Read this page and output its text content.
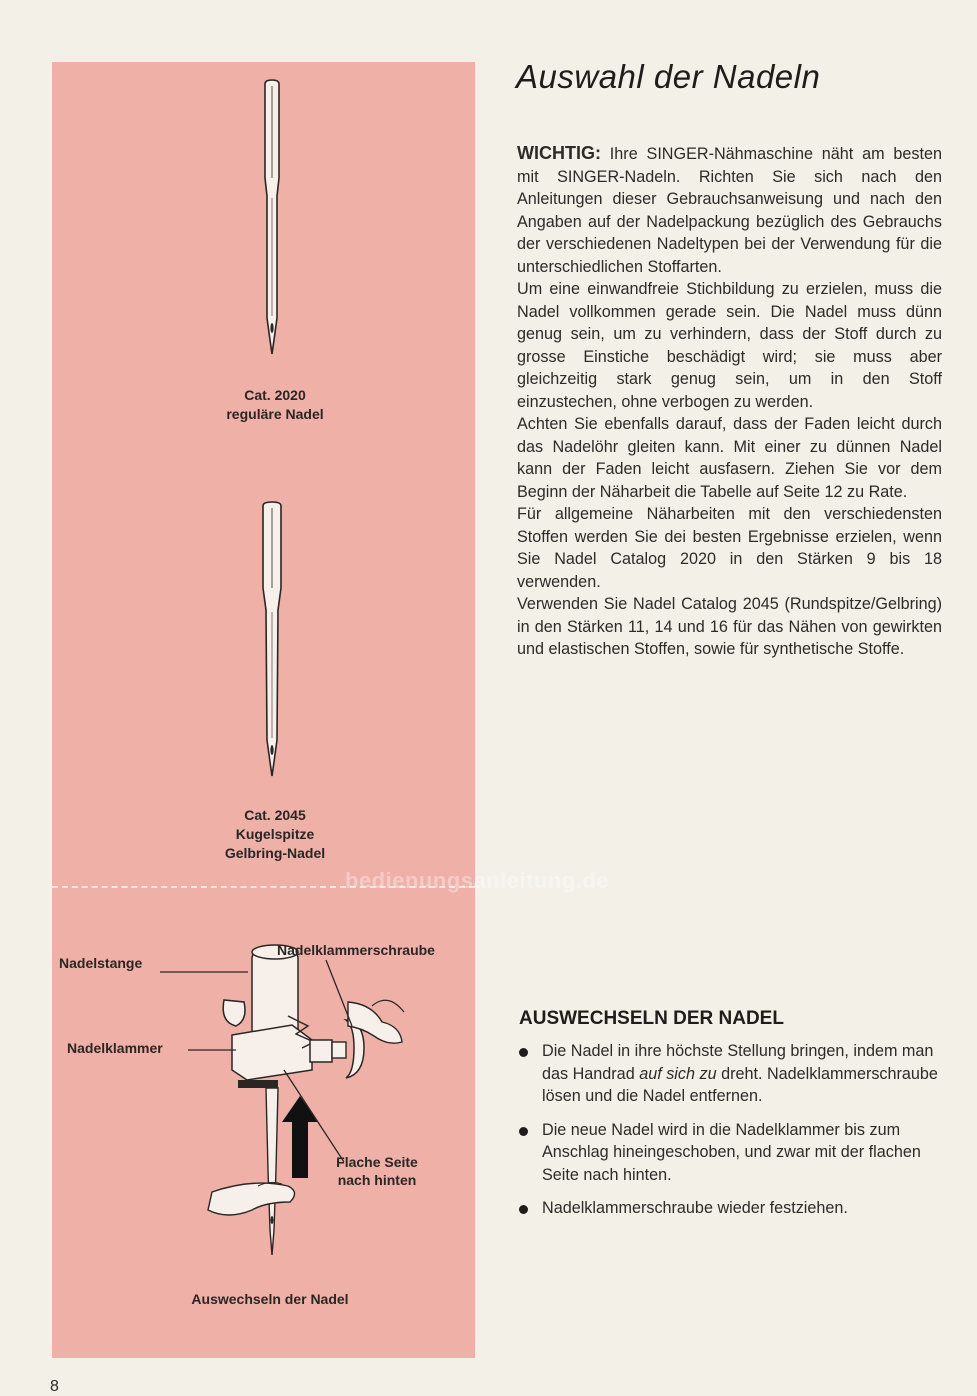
Cat. 2020
reguläre Nadel
Cat. 2045
Kugelspitze
Gelbring-Nadel
Nadelstange
Nadelklammerschraube
Nadelklammer
Flache Seite
nach hinten
Auswechseln der Nadel
bedienungsanleitung.de
Auswahl der Nadeln

WICHTIG: Ihre SINGER-Nähmaschine näht am besten mit SINGER-Nadeln. Richten Sie sich nach den Anleitungen dieser Gebrauchsanweisung und nach den Angaben auf der Nadelpackung bezüglich des Gebrauchs der verschiedenen Nadeltypen bei der Verwendung für die unterschiedlichen Stoffarten.

Um eine einwandfreie Stichbildung zu erzielen, muss die Nadel vollkommen gerade sein. Die Nadel muss dünn genug sein, um zu verhindern, dass der Stoff durch zu grosse Einstiche beschädigt wird; sie muss aber gleichzeitig stark genug sein, um in den Stoff einzustechen, ohne verbogen zu werden.

Achten Sie ebenfalls darauf, dass der Faden leicht durch das Nadelöhr gleiten kann. Mit einer zu dünnen Nadel kann der Faden leicht ausfasern. Ziehen Sie vor dem Beginn der Näharbeit die Tabelle auf Seite 12 zu Rate.

Für allgemeine Näharbeiten mit den verschiedensten Stoffen werden Sie dei besten Ergebnisse erzielen, wenn Sie Nadel Catalog 2020 in den Stärken 9 bis 18 verwenden.

Verwenden Sie Nadel Catalog 2045 (Rundspitze/Gelbring) in den Stärken 11, 14 und 16 für das Nähen von gewirkten und elastischen Stoffen, sowie für synthetische Stoffe.

AUSWECHSELN DER NADEL
Die Nadel in ihre höchste Stellung bringen, indem man das Handrad auf sich zu dreht. Nadelklammerschraube lösen und die Nadel entfernen.
Die neue Nadel wird in die Nadelklammer bis zum Anschlag hineingeschoben, und zwar mit der flachen Seite nach hinten.
Nadelklammerschraube wieder festziehen.
8
